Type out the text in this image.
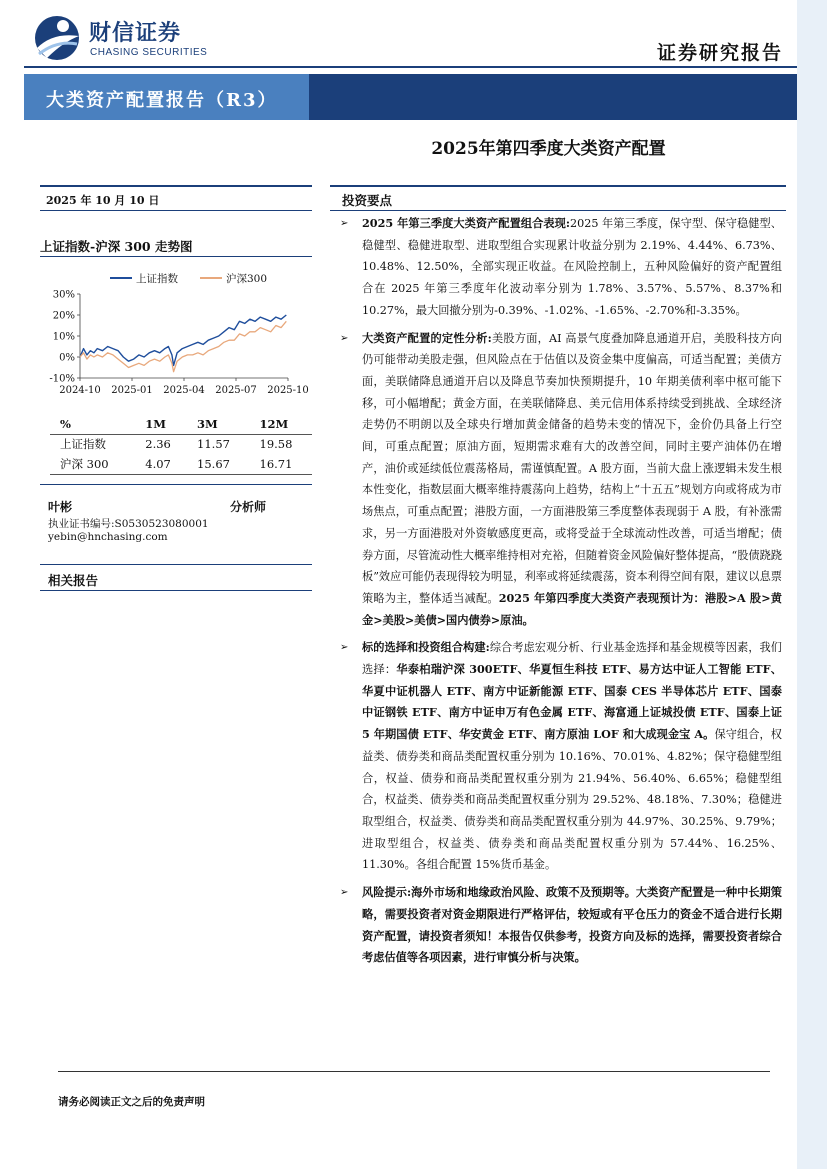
财信证券
CHASING SECURITIES	证券研究报告
大类资产配置报告（R3）
2025年第四季度大类资产配置
2025 年 10 月 10 日
上证指数-沪深 300 走势图
30%
20%
10%
0%
-10%
2024-10 2025-01 2025-04 2025-07 2025-10
上证指数	沪深300
%	1M	3M	12M
上证指数	2.36	11.57	19.58
沪深 300	4.07	15.67	16.71
叶彬	分析师
执业证书编号:S0530523080001
yebin@hnchasing.com
相关报告
投资要点
➢ 2025 年第三季度大类资产配置组合表现:2025 年第三季度，保守型、保守稳健型、稳健型、稳健进取型、进取型组合实现累计收益分别为 2.19%、4.44%、6.73%、10.48%、12.50%，全部实现正收益。在风险控制上，五种风险偏好的资产配置组合在 2025 年第三季度年化波动率分别为 1.78%、3.57%、5.57%、8.37%和 10.27%，最大回撤分别为-0.39%、-1.02%、-1.65%、-2.70%和-3.35%。
➢ 大类资产配置的定性分析:美股方面，AI 高景气度叠加降息通道开启，美股科技方向仍可能带动美股走强，但风险点在于估值以及资金集中度偏高，可适当配置；美债方面，美联储降息通道开启以及降息节奏加快预期提升，10 年期美债利率中枢可能下移，可小幅增配；黄金方面，在美联储降息、美元信用体系持续受到挑战、全球经济走势仍不明朗以及全球央行增加黄金储备的趋势未变的情况下，金价仍具备上行空间，可重点配置；原油方面，短期需求难有大的改善空间，同时主要产油体仍在增产，油价或延续低位震荡格局，需谨慎配置。A 股方面，当前大盘上涨逻辑未发生根本性变化，指数层面大概率维持震荡向上趋势，结构上“十五五”规划方向或将成为市场焦点，可重点配置；港股方面，一方面港股第三季度整体表现弱于 A 股，有补涨需求，另一方面港股对外资敏感度更高，或将受益于全球流动性改善，可适当增配；债券方面，尽管流动性大概率维持相对充裕，但随着资金风险偏好整体提高，“股债跷跷板”效应可能仍表现得较为明显，利率或将延续震荡，资本利得空间有限，建议以息票策略为主，整体适当减配。2025 年第四季度大类资产表现预计为：港股>A 股>黄金>美股>美债>国内债券>原油。
➢ 标的选择和投资组合构建:综合考虑宏观分析、行业基金选择和基金规模等因素，我们选择：华泰柏瑞沪深 300ETF、华夏恒生科技 ETF、易方达中证人工智能 ETF、华夏中证机器人 ETF、南方中证新能源 ETF、国泰 CES 半导体芯片 ETF、国泰中证钢铁 ETF、南方中证申万有色金属 ETF、海富通上证城投债 ETF、国泰上证 5 年期国债 ETF、华安黄金 ETF、南方原油 LOF 和大成现金宝 A。保守组合，权益类、债券类和商品类配置权重分别为 10.16%、70.01%、4.82%；保守稳健型组合，权益、债券和商品类配置权重分别为 21.94%、56.40%、6.65%；稳健型组合，权益类、债券类和商品类配置权重分别为 29.52%、48.18%、7.30%；稳健进取型组合，权益类、债券类和商品类配置权重分别为 44.97%、30.25%、9.79%；进取型组合，权益类、债券类和商品类配置权重分别为 57.44%、16.25%、11.30%。各组合配置 15%货币基金。
➢ 风险提示:海外市场和地缘政治风险、政策不及预期等。大类资产配置是一种中长期策略，需要投资者对资金期限进行严格评估，较短或有平仓压力的资金不适合进行长期资产配置，请投资者须知！本报告仅供参考，投资方向及标的选择，需要投资者综合考虑估值等各项因素，进行审慎分析与决策。
请务必阅读正文之后的免责声明
